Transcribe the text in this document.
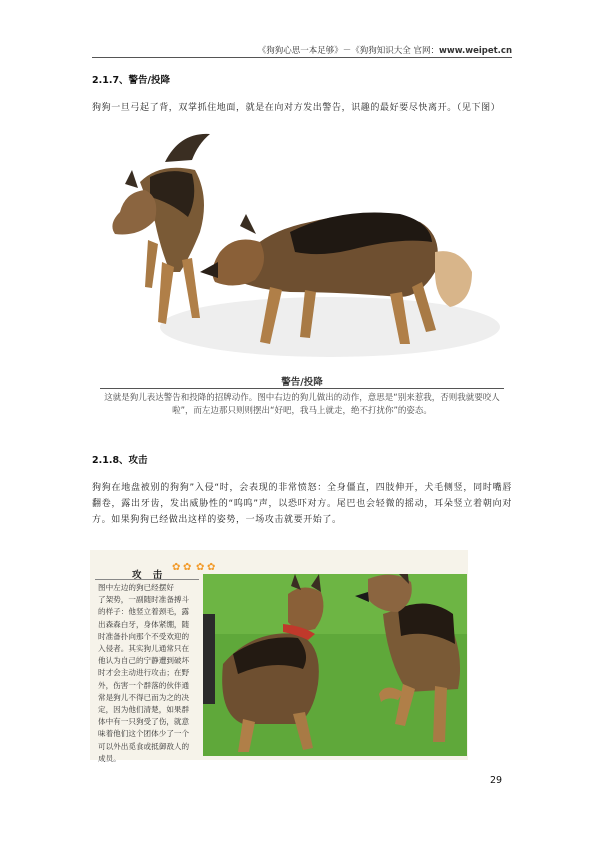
《狗狗心思一本足够》－《狗狗知识大全 官网：www.weipet.cn
2.1.7、警告/投降
狗狗一旦弓起了背，双掌抓住地面，就是在向对方发出警告，识趣的最好要尽快离开。（见下图）
警告/投降
这就是狗儿表达警告和投降的招牌动作。图中右边的狗儿做出的动作，意思是“别来惹我，否则我就要咬人啦”，而左边那只则则摆出“好吧，我马上就走，绝不打扰你”的姿态。
2.1.8、攻击
狗狗在地盘被别的狗狗”入侵“时，会表现的非常愤怒：全身僵直，四肢伸开，犬毛侧竖，同时嘴唇翻卷，露出牙齿，发出威胁性的“呜呜”声，以恐吓对方。尾巴也会轻微的摇动，耳朵竖立着朝向对方。如果狗狗已经做出这样的姿势，一场攻击就要开始了。
攻 击
✿ ✿ ✿ ✿
图中左边的狗已经摆好
了架势，一副随时准备搏斗
的样子：他竖立着颈毛，露
出森森白牙，身体紧绷，随
时准备扑向那个不受欢迎的
入侵者。其实狗儿通常只在
他认为自己的宁静遭到破坏
时才会主动进行攻击；在野
外，伤害一个群落的伙伴通
常是狗儿不得已而为之的决
定，因为他们清楚，如果群
体中有一只狗受了伤，就意
味着他们这个团体少了一个
可以外出觅食或抵御敌人的
成员。
29
